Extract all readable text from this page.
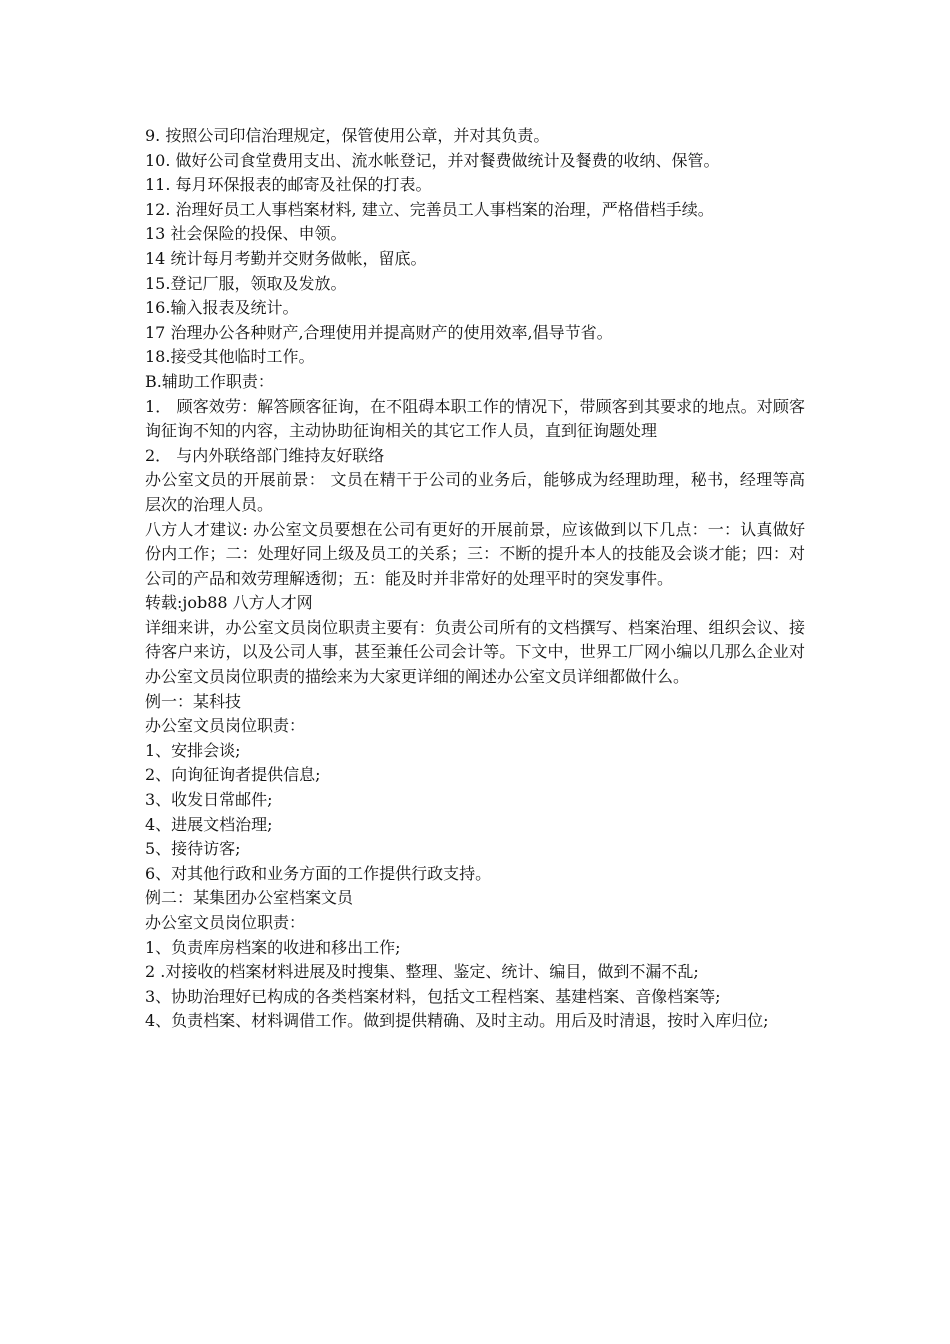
9. 按照公司印信治理规定，保管使用公章，并对其负责。

10. 做好公司食堂费用支出、流水帐登记，并对餐费做统计及餐费的收纳、保管。

11. 每月环保报表的邮寄及社保的打表。

12. 治理好员工人事档案材料, 建立、完善员工人事档案的治理，严格借档手续。

13 社会保险的投保、申领。

14 统计每月考勤并交财务做帐，留底。

15.登记厂服，领取及发放。

16.输入报表及统计。

17 治理办公各种财产,合理使用并提高财产的使用效率,倡导节省。

18.接受其他临时工作。

B.辅助工作职责：

1． 顾客效劳：解答顾客征询，在不阻碍本职工作的情况下，带顾客到其要求的地点。对顾客询征询不知的内容，主动协助征询相关的其它工作人员，直到征询题处理

2． 与内外联络部门维持友好联络

办公室文员的开展前景： 文员在精干于公司的业务后，能够成为经理助理，秘书，经理等高层次的治理人员。

八方人才建议: 办公室文员要想在公司有更好的开展前景，应该做到以下几点：一：认真做好份内工作；二：处理好同上级及员工的关系；三：不断的提升本人的技能及会谈才能；四：对公司的产品和效劳理解透彻；五：能及时并非常好的处理平时的突发事件。

转载:job88 八方人才网

详细来讲，办公室文员岗位职责主要有：负责公司所有的文档撰写、档案治理、组织会议、接待客户来访，以及公司人事，甚至兼任公司会计等。下文中，世界工厂网小编以几那么企业对办公室文员岗位职责的描绘来为大家更详细的阐述办公室文员详细都做什么。

例一：某科技

办公室文员岗位职责：

1、安排会谈;

2、向询征询者提供信息;

3、收发日常邮件;

4、进展文档治理;

5、接待访客;

6、对其他行政和业务方面的工作提供行政支持。

例二：某集团办公室档案文员

办公室文员岗位职责：

1、负责库房档案的收进和移出工作;

2 .对接收的档案材料进展及时搜集、整理、鉴定、统计、编目，做到不漏不乱;

3、协助治理好已构成的各类档案材料，包括文工程档案、基建档案、音像档案等;

4、负责档案、材料调借工作。做到提供精确、及时主动。用后及时清退，按时入库归位;
